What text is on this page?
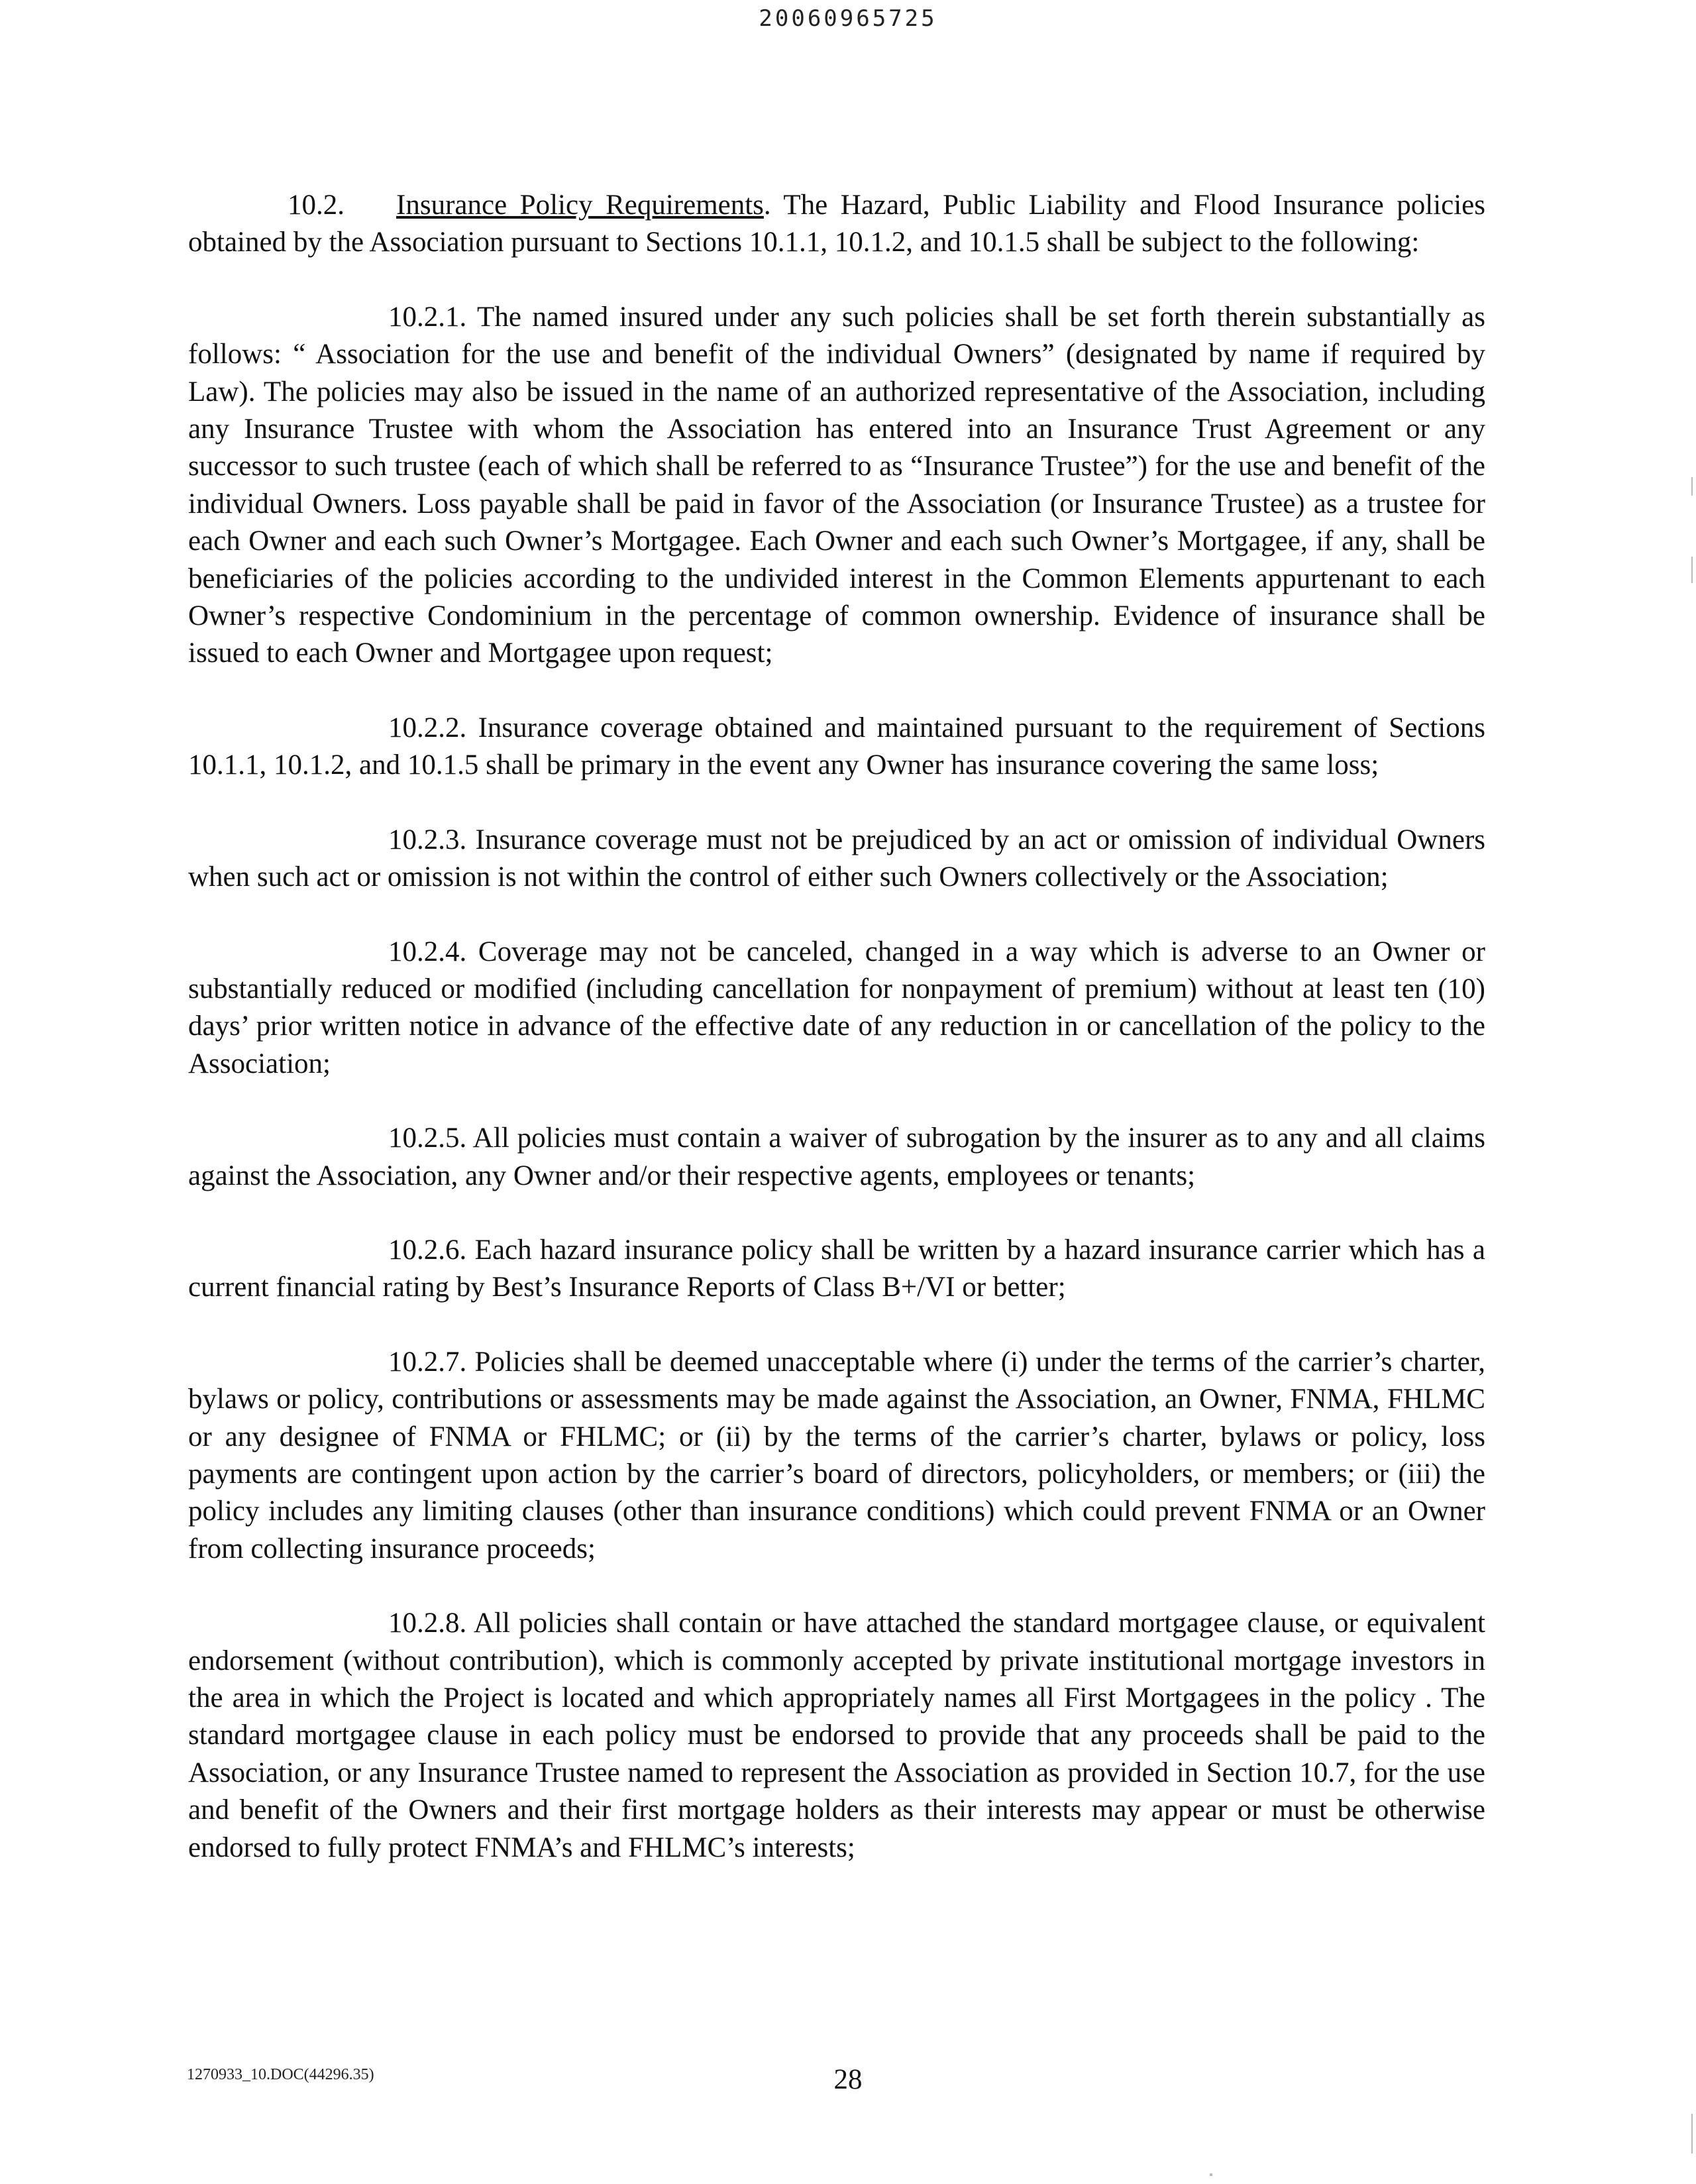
20060965725

10.2. Insurance Policy Requirements. The Hazard, Public Liability and Flood Insurance policies obtained by the Association pursuant to Sections 10.1.1, 10.1.2, and 10.1.5 shall be subject to the following:

10.2.1. The named insured under any such policies shall be set forth therein substantially as follows: “ Association for the use and benefit of the individual Owners” (designated by name if required by Law). The policies may also be issued in the name of an authorized representative of the Association, including any Insurance Trustee with whom the Association has entered into an Insurance Trust Agreement or any successor to such trustee (each of which shall be referred to as “Insurance Trustee”) for the use and benefit of the individual Owners. Loss payable shall be paid in favor of the Association (or Insurance Trustee) as a trustee for each Owner and each such Owner’s Mortgagee. Each Owner and each such Owner’s Mortgagee, if any, shall be beneficiaries of the policies according to the undivided interest in the Common Elements appurtenant to each Owner’s respective Condominium in the percentage of common ownership. Evidence of insurance shall be issued to each Owner and Mortgagee upon request;

10.2.2. Insurance coverage obtained and maintained pursuant to the requirement of Sections 10.1.1, 10.1.2, and 10.1.5 shall be primary in the event any Owner has insurance covering the same loss;

10.2.3. Insurance coverage must not be prejudiced by an act or omission of individual Owners when such act or omission is not within the control of either such Owners collectively or the Association;

10.2.4. Coverage may not be canceled, changed in a way which is adverse to an Owner or substantially reduced or modified (including cancellation for nonpayment of premium) without at least ten (10) days’ prior written notice in advance of the effective date of any reduction in or cancellation of the policy to the Association;

10.2.5. All policies must contain a waiver of subrogation by the insurer as to any and all claims against the Association, any Owner and/or their respective agents, employees or tenants;

10.2.6. Each hazard insurance policy shall be written by a hazard insurance carrier which has a current financial rating by Best’s Insurance Reports of Class B+/VI or better;

10.2.7. Policies shall be deemed unacceptable where (i) under the terms of the carrier’s charter, bylaws or policy, contributions or assessments may be made against the Association, an Owner, FNMA, FHLMC or any designee of FNMA or FHLMC; or (ii) by the terms of the carrier’s charter, bylaws or policy, loss payments are contingent upon action by the carrier’s board of directors, policyholders, or members; or (iii) the policy includes any limiting clauses (other than insurance conditions) which could prevent FNMA or an Owner from collecting insurance proceeds;

10.2.8. All policies shall contain or have attached the standard mortgagee clause, or equivalent endorsement (without contribution), which is commonly accepted by private institutional mortgage investors in the area in which the Project is located and which appropriately names all First Mortgagees in the policy . The standard mortgagee clause in each policy must be endorsed to provide that any proceeds shall be paid to the Association, or any Insurance Trustee named to represent the Association as provided in Section 10.7, for the use and benefit of the Owners and their first mortgage holders as their interests may appear or must be otherwise endorsed to fully protect FNMA’s and FHLMC’s interests;

1270933_10.DOC(44296.35)	28
